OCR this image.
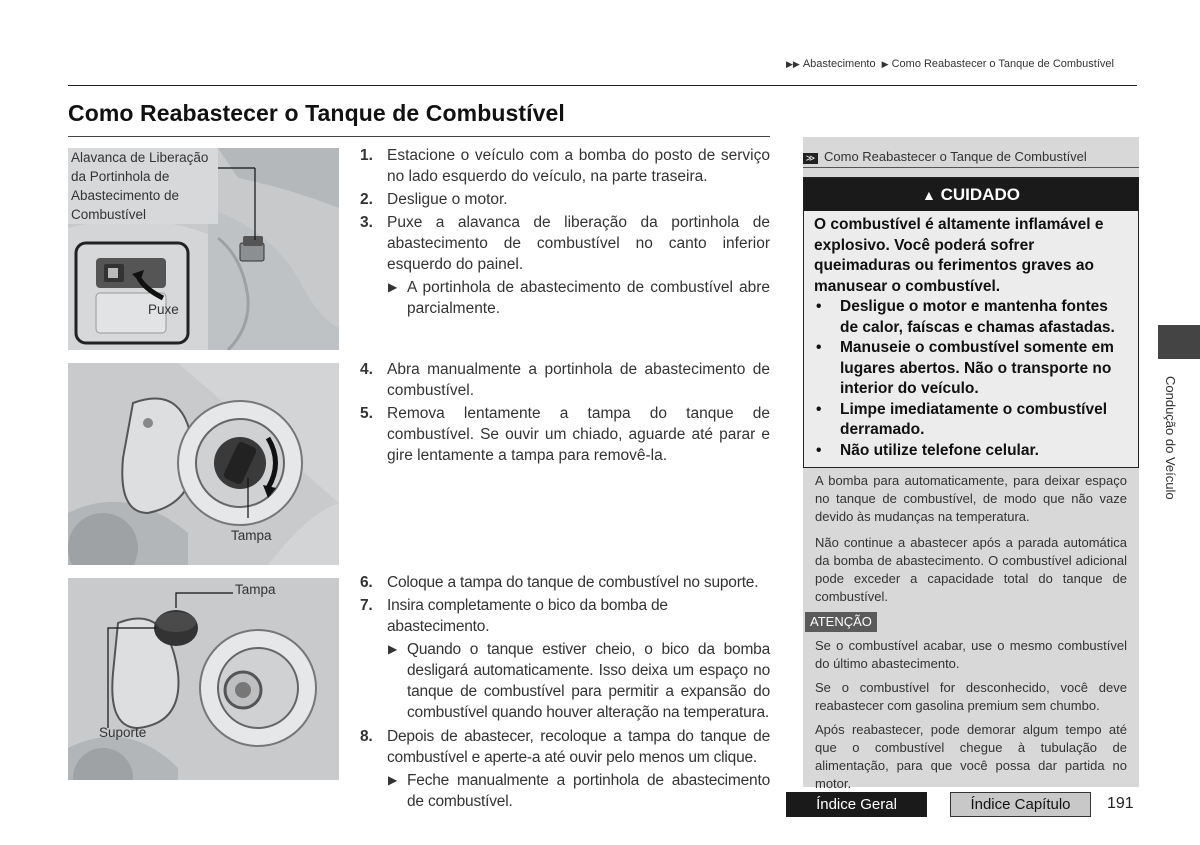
▶▶ Abastecimento ▶ Como Reabastecer o Tanque de Combustível
Como Reabastecer o Tanque de Combustível
Alavanca de Liberação da Portinhola de Abastecimento de Combustível
Puxe
Tampa
Tampa
Suporte
1. Estacione o veículo com a bomba do posto de serviço no lado esquerdo do veículo, na parte traseira.
2. Desligue o motor.
3. Puxe a alavanca de liberação da portinhola de abastecimento de combustível no canto inferior esquerdo do painel.
▶ A portinhola de abastecimento de combustível abre parcialmente.
4. Abra manualmente a portinhola de abastecimento de combustível.
5. Remova lentamente a tampa do tanque de combustível. Se ouvir um chiado, aguarde até parar e gire lentamente a tampa para removê-la.
6. Coloque a tampa do tanque de combustível no suporte.
7. Insira completamente o bico da bomba de abastecimento.
▶ Quando o tanque estiver cheio, o bico da bomba desligará automaticamente. Isso deixa um espaço no tanque de combustível para permitir a expansão do combustível quando houver alteração na temperatura.
8. Depois de abastecer, recoloque a tampa do tanque de combustível e aperte-a até ouvir pelo menos um clique.
▶ Feche manualmente a portinhola de abastecimento de combustível.
≫ Como Reabastecer o Tanque de Combustível
▲ CUIDADO
O combustível é altamente inflamável e explosivo. Você poderá sofrer queimaduras ou ferimentos graves ao manusear o combustível.
• Desligue o motor e mantenha fontes de calor, faíscas e chamas afastadas.
• Manuseie o combustível somente em lugares abertos. Não o transporte no interior do veículo.
• Limpe imediatamente o combustível derramado.
• Não utilize telefone celular.
A bomba para automaticamente, para deixar espaço no tanque de combustível, de modo que não vaze devido às mudanças na temperatura.
Não continue a abastecer após a parada automática da bomba de abastecimento. O combustível adicional pode exceder a capacidade total do tanque de combustível.
ATENÇÃO
Se o combustível acabar, use o mesmo combustível do último abastecimento.
Se o combustível for desconhecido, você deve reabastecer com gasolina premium sem chumbo.
Após reabastecer, pode demorar algum tempo até que o combustível chegue à tubulação de alimentação, para que você possa dar partida no motor.
Condução do Veículo
Índice Geral	Índice Capítulo	191
